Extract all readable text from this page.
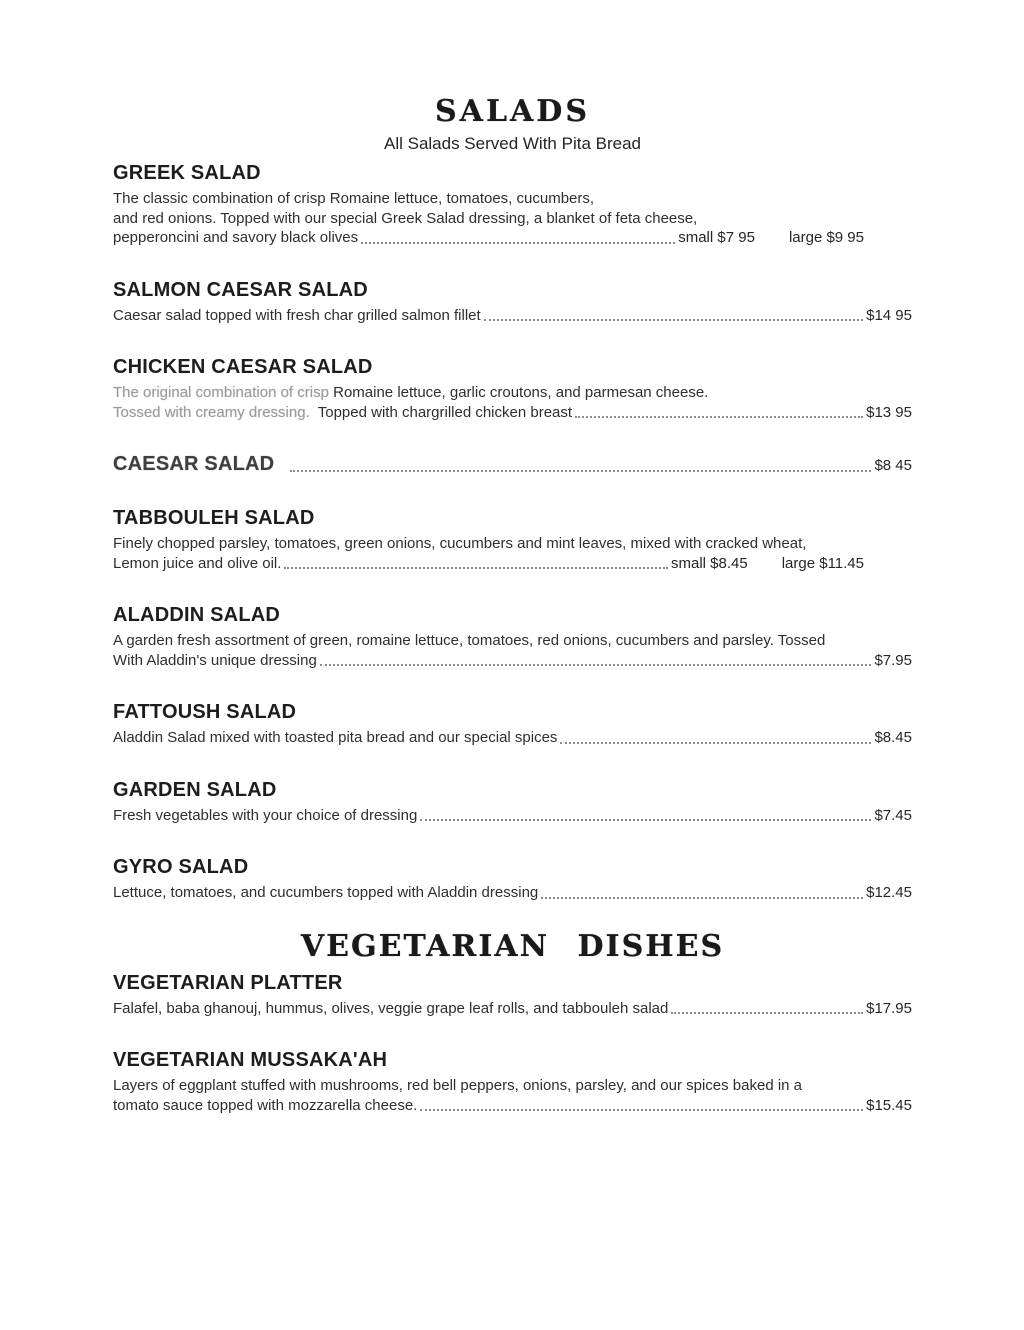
SALADS
All Salads Served With Pita Bread
GREEK SALAD

The classic combination of crisp Romaine lettuce, tomatoes, cucumbers,

and red onions. Topped with our special Greek Salad dressing, a blanket of feta cheese,

pepperoncini and savory black olives	small $7 95 large $9 95
SALMON CAESAR SALAD
Caesar salad topped with fresh char grilled salmon fillet	$14 95
CHICKEN CAESAR SALAD

The original combination of crisp Romaine lettuce, garlic croutons, and parmesan cheese.

Tossed with creamy dressing. Topped with chargrilled chicken breast	$13 95
CAESAR SALAD	$8 45
TABBOULEH SALAD

Finely chopped parsley, tomatoes, green onions, cucumbers and mint leaves, mixed with cracked wheat,

Lemon juice and olive oil.	small $8.45 large $11.45
ALADDIN SALAD

A garden fresh assortment of green, romaine lettuce, tomatoes, red onions, cucumbers and parsley. Tossed

With Aladdin's unique dressing	$7.95
FATTOUSH SALAD
Aladdin Salad mixed with toasted pita bread and our special spices	$8.45
GARDEN SALAD
Fresh vegetables with your choice of dressing	$7.45
GYRO SALAD
Lettuce, tomatoes, and cucumbers topped with Aladdin dressing	$12.45
VEGETARIAN DISHES
VEGETARIAN PLATTER
Falafel, baba ghanouj, hummus, olives, veggie grape leaf rolls, and tabbouleh salad	$17.95
VEGETARIAN MUSSAKA'AH

Layers of eggplant stuffed with mushrooms, red bell peppers, onions, parsley, and our spices baked in a

tomato sauce topped with mozzarella cheese.	$15.45
